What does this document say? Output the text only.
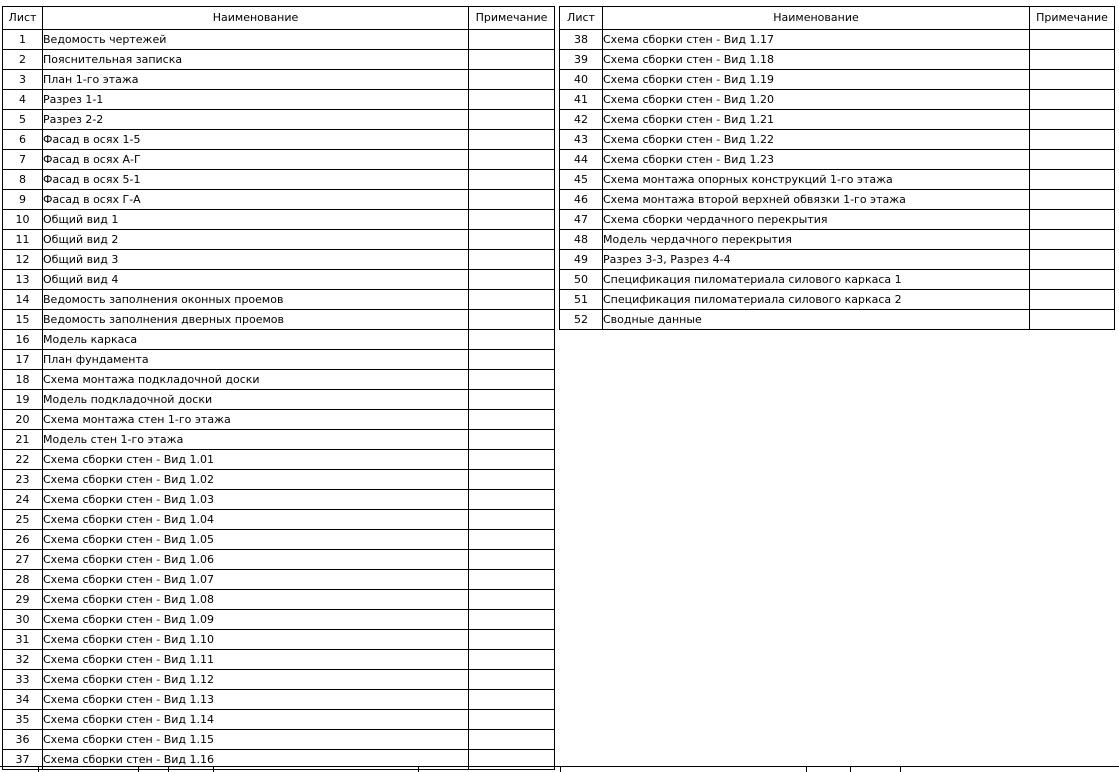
Лист	Наименование	Примечание
1	Ведомость чертежей	
2	Пояснительная записка	
3	План 1-го этажа	
4	Разрез 1-1	
5	Разрез 2-2	
6	Фасад в осях 1-5	
7	Фасад в осях А-Г	
8	Фасад в осях 5-1	
9	Фасад в осях Г-А	
10	Общий вид 1	
11	Общий вид 2	
12	Общий вид 3	
13	Общий вид 4	
14	Ведомость заполнения оконных проемов	
15	Ведомость заполнения дверных проемов	
16	Модель каркаса	
17	План фундамента	
18	Схема монтажа подкладочной доски	
19	Модель подкладочной доски	
20	Схема монтажа стен 1-го этажа	
21	Модель стен 1-го этажа	
22	Схема сборки стен - Вид 1.01	
23	Схема сборки стен - Вид 1.02	
24	Схема сборки стен - Вид 1.03	
25	Схема сборки стен - Вид 1.04	
26	Схема сборки стен - Вид 1.05	
27	Схема сборки стен - Вид 1.06	
28	Схема сборки стен - Вид 1.07	
29	Схема сборки стен - Вид 1.08	
30	Схема сборки стен - Вид 1.09	
31	Схема сборки стен - Вид 1.10	
32	Схема сборки стен - Вид 1.11	
33	Схема сборки стен - Вид 1.12	
34	Схема сборки стен - Вид 1.13	
35	Схема сборки стен - Вид 1.14	
36	Схема сборки стен - Вид 1.15	
37	Схема сборки стен - Вид 1.16	
Лист	Наименование	Примечание
38	Схема сборки стен - Вид 1.17	
39	Схема сборки стен - Вид 1.18	
40	Схема сборки стен - Вид 1.19	
41	Схема сборки стен - Вид 1.20	
42	Схема сборки стен - Вид 1.21	
43	Схема сборки стен - Вид 1.22	
44	Схема сборки стен - Вид 1.23	
45	Схема монтажа опорных конструкций 1-го этажа	
46	Схема монтажа второй верхней обвязки 1-го этажа	
47	Схема сборки чердачного перекрытия	
48	Модель чердачного перекрытия	
49	Разрез 3-3, Разрез 4-4	
50	Спецификация пиломатериала силового каркаса 1	
51	Спецификация пиломатериала силового каркаса 2	
52	Сводные данные	
